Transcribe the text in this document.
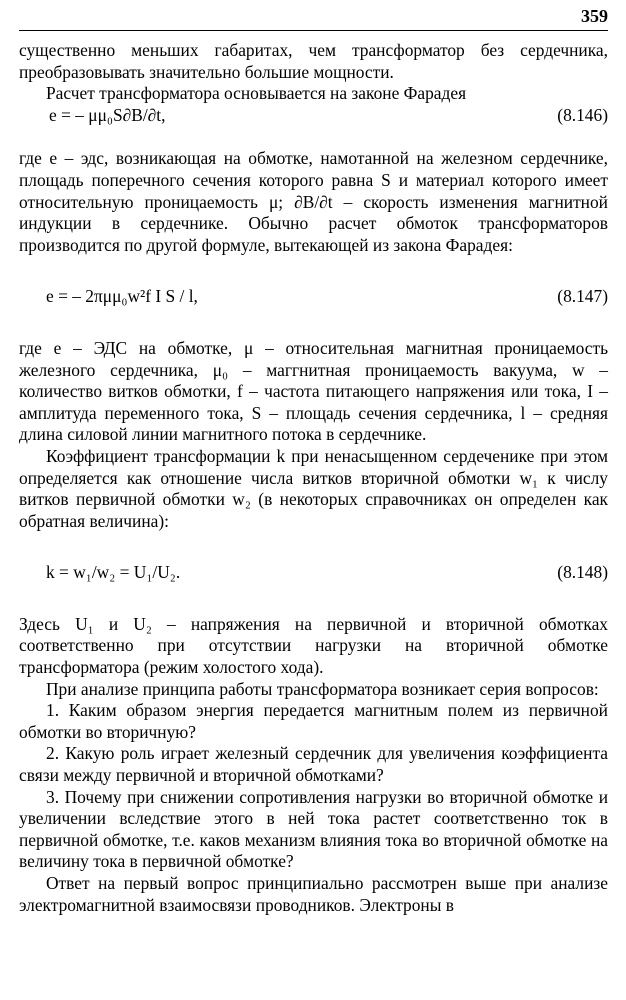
359

существенно меньших габаритах, чем трансформатор без сердечника, преобразовывать значительно большие мощности.

Расчет трансформатора основывается на законе Фарадея

e = – μμ₀S∂B/∂t,	(8.146)

где e – эдс, возникающая на обмотке, намотанной на железном сердечнике, площадь поперечного сечения которого равна S и материал которого имеет относительную проницаемость μ; ∂B/∂t – скорость изменения магнитной индукции в сердечнике. Обычно расчет обмоток трансформаторов производится по другой формуле, вытекающей из закона Фарадея:

e = – 2πμμ₀w²f I S / l,	(8.147)

где e – ЭДС на обмотке, μ – относительная магнитная проницаемость железного сердечника, μ₀ – маггнитная проницаемость вакуума, w – количество витков обмотки, f – частота питающего напряжения или тока, I – амплитуда переменного тока, S – площадь сечения сердечника, l – средняя длина силовой линии магнитного потока в сердечнике.

Коэффициент трансформации k при ненасыщенном сердеченике при этом определяется как отношение числа витков вторичной обмотки w₁ к числу витков первичной обмотки w₂ (в некоторых справочниках он определен как обратная величина):

k = w₁/w₂ = U₁/U₂.	(8.148)

Здесь U₁ и U₂ – напряжения на первичной и вторичной обмотках соответственно при отсутствии нагрузки на вторичной обмотке трансформатора (режим холостого хода).

При анализе принципа работы трансформатора возникает серия вопросов:

1. Каким образом энергия передается магнитным полем из первичной обмотки во вторичную?

2. Какую роль играет железный сердечник для увеличения коэффициента связи между первичной и вторичной обмотками?

3. Почему при снижении сопротивления нагрузки во вторичной обмотке и увеличении вследствие этого в ней тока растет соответственно ток в первичной обмотке, т.е. каков механизм влияния тока во вторичной обмотке на величину тока в первичной обмотке?

Ответ на первый вопрос принципиально рассмотрен выше при анализе электромагнитной взаимосвязи проводников. Электроны в
